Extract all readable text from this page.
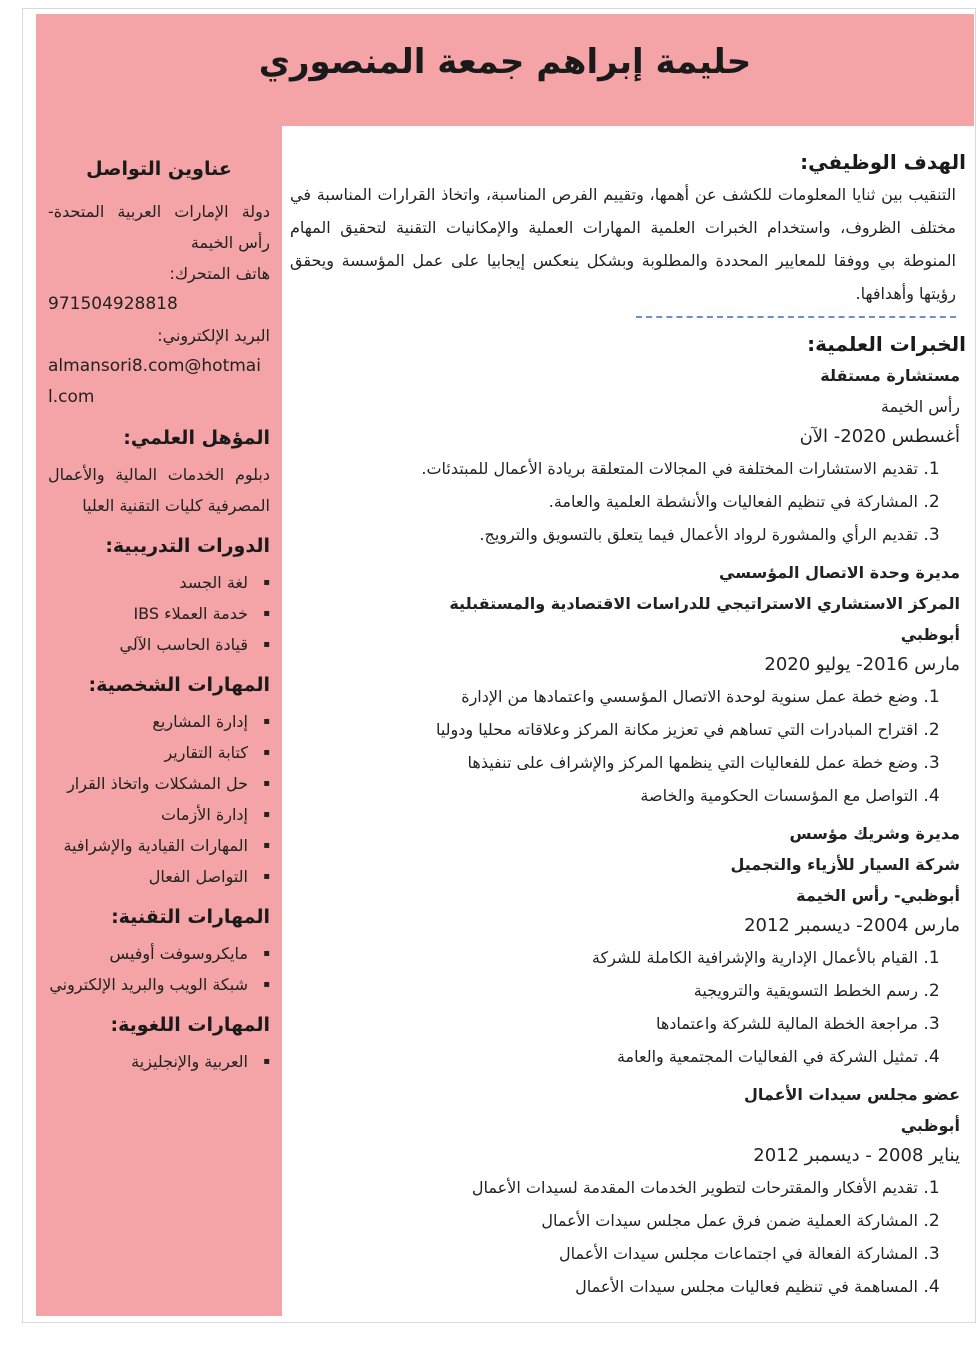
حليمة إبراهم جمعة المنصوري
عناوين التواصل

دولة الإمارات العربية المتحدة- رأس الخيمة

هاتف المتحرك:

97150492881​8

البريد الإلكتروني:

almansori8.com@hotmail.com

المؤهل العلمي:

دبلوم الخدمات المالية والأعمال المصرفية كليات التقنية العليا

الدورات التدريبية:
▪ لغة الجسد
▪ خدمة العملاء IBS
▪ قيادة الحاسب الآلي
المهارات الشخصية:
▪ إدارة المشاريع
▪ كتابة التقارير
▪ حل المشكلات واتخاذ القرار
▪ إدارة الأزمات
▪ المهارات القيادية والإشرافية
▪ التواصل الفعال
المهارات التقنية:
▪ مايكروسوفت أوفيس
▪ شبكة الويب والبريد الإلكتروني
المهارات اللغوية:
▪ العربية والإنجليزية
الهدف الوظيفي:

التنقيب بين ثنايا المعلومات للكشف عن أهمها، وتقييم الفرص المناسبة، واتخاذ القرارات المناسبة في مختلف الظروف، واستخدام الخبرات العلمية المهارات العملية والإمكانيات التقنية لتحقيق المهام المنوطة بي ووفقا للمعايير المحددة والمطلوبة وبشكل ينعكس إيجابيا على عمل المؤسسة ويحقق رؤيتها وأهدافها.

الخبرات العلمية:

مستشارة مستقلة

رأس الخيمة

أغسطس 2020- الآن

1. تقديم الاستشارات المختلفة في المجالات المتعلقة بريادة الأعمال للمبتدئات.
2. المشاركة في تنظيم الفعاليات والأنشطة العلمية والعامة.
3. تقديم الرأي والمشورة لرواد الأعمال فيما يتعلق بالتسويق والترويج.

مديرة وحدة الاتصال المؤسسي

المركز الاستشاري الاستراتيجي للدراسات الاقتصادية والمستقبلية

أبوظبي

مارس 2016- يوليو 2020

1. وضع خطة عمل سنوية لوحدة الاتصال المؤسسي واعتمادها من الإدارة
2. اقتراح المبادرات التي تساهم في تعزيز مكانة المركز وعلاقاته محليا ودوليا
3. وضع خطة عمل للفعاليات التي ينظمها المركز والإشراف على تنفيذها
4. التواصل مع المؤسسات الحكومية والخاصة

مديرة وشريك مؤسس

شركة السيار للأزياء والتجميل

أبوظبي- رأس الخيمة

مارس 2004- ديسمبر 2012

1. القيام بالأعمال الإدارية والإشرافية الكاملة للشركة
2. رسم الخطط التسويقية والترويجية
3. مراجعة الخطة المالية للشركة واعتمادها
4. تمثيل الشركة في الفعاليات المجتمعية والعامة

عضو مجلس سيدات الأعمال

أبوظبي

يناير 2008 - ديسمبر 2012

1. تقديم الأفكار والمقترحات لتطوير الخدمات المقدمة لسيدات الأعمال
2. المشاركة العملية ضمن فرق عمل مجلس سيدات الأعمال
3. المشاركة الفعالة في اجتماعات مجلس سيدات الأعمال
4. المساهمة في تنظيم فعاليات مجلس سيدات الأعمال
